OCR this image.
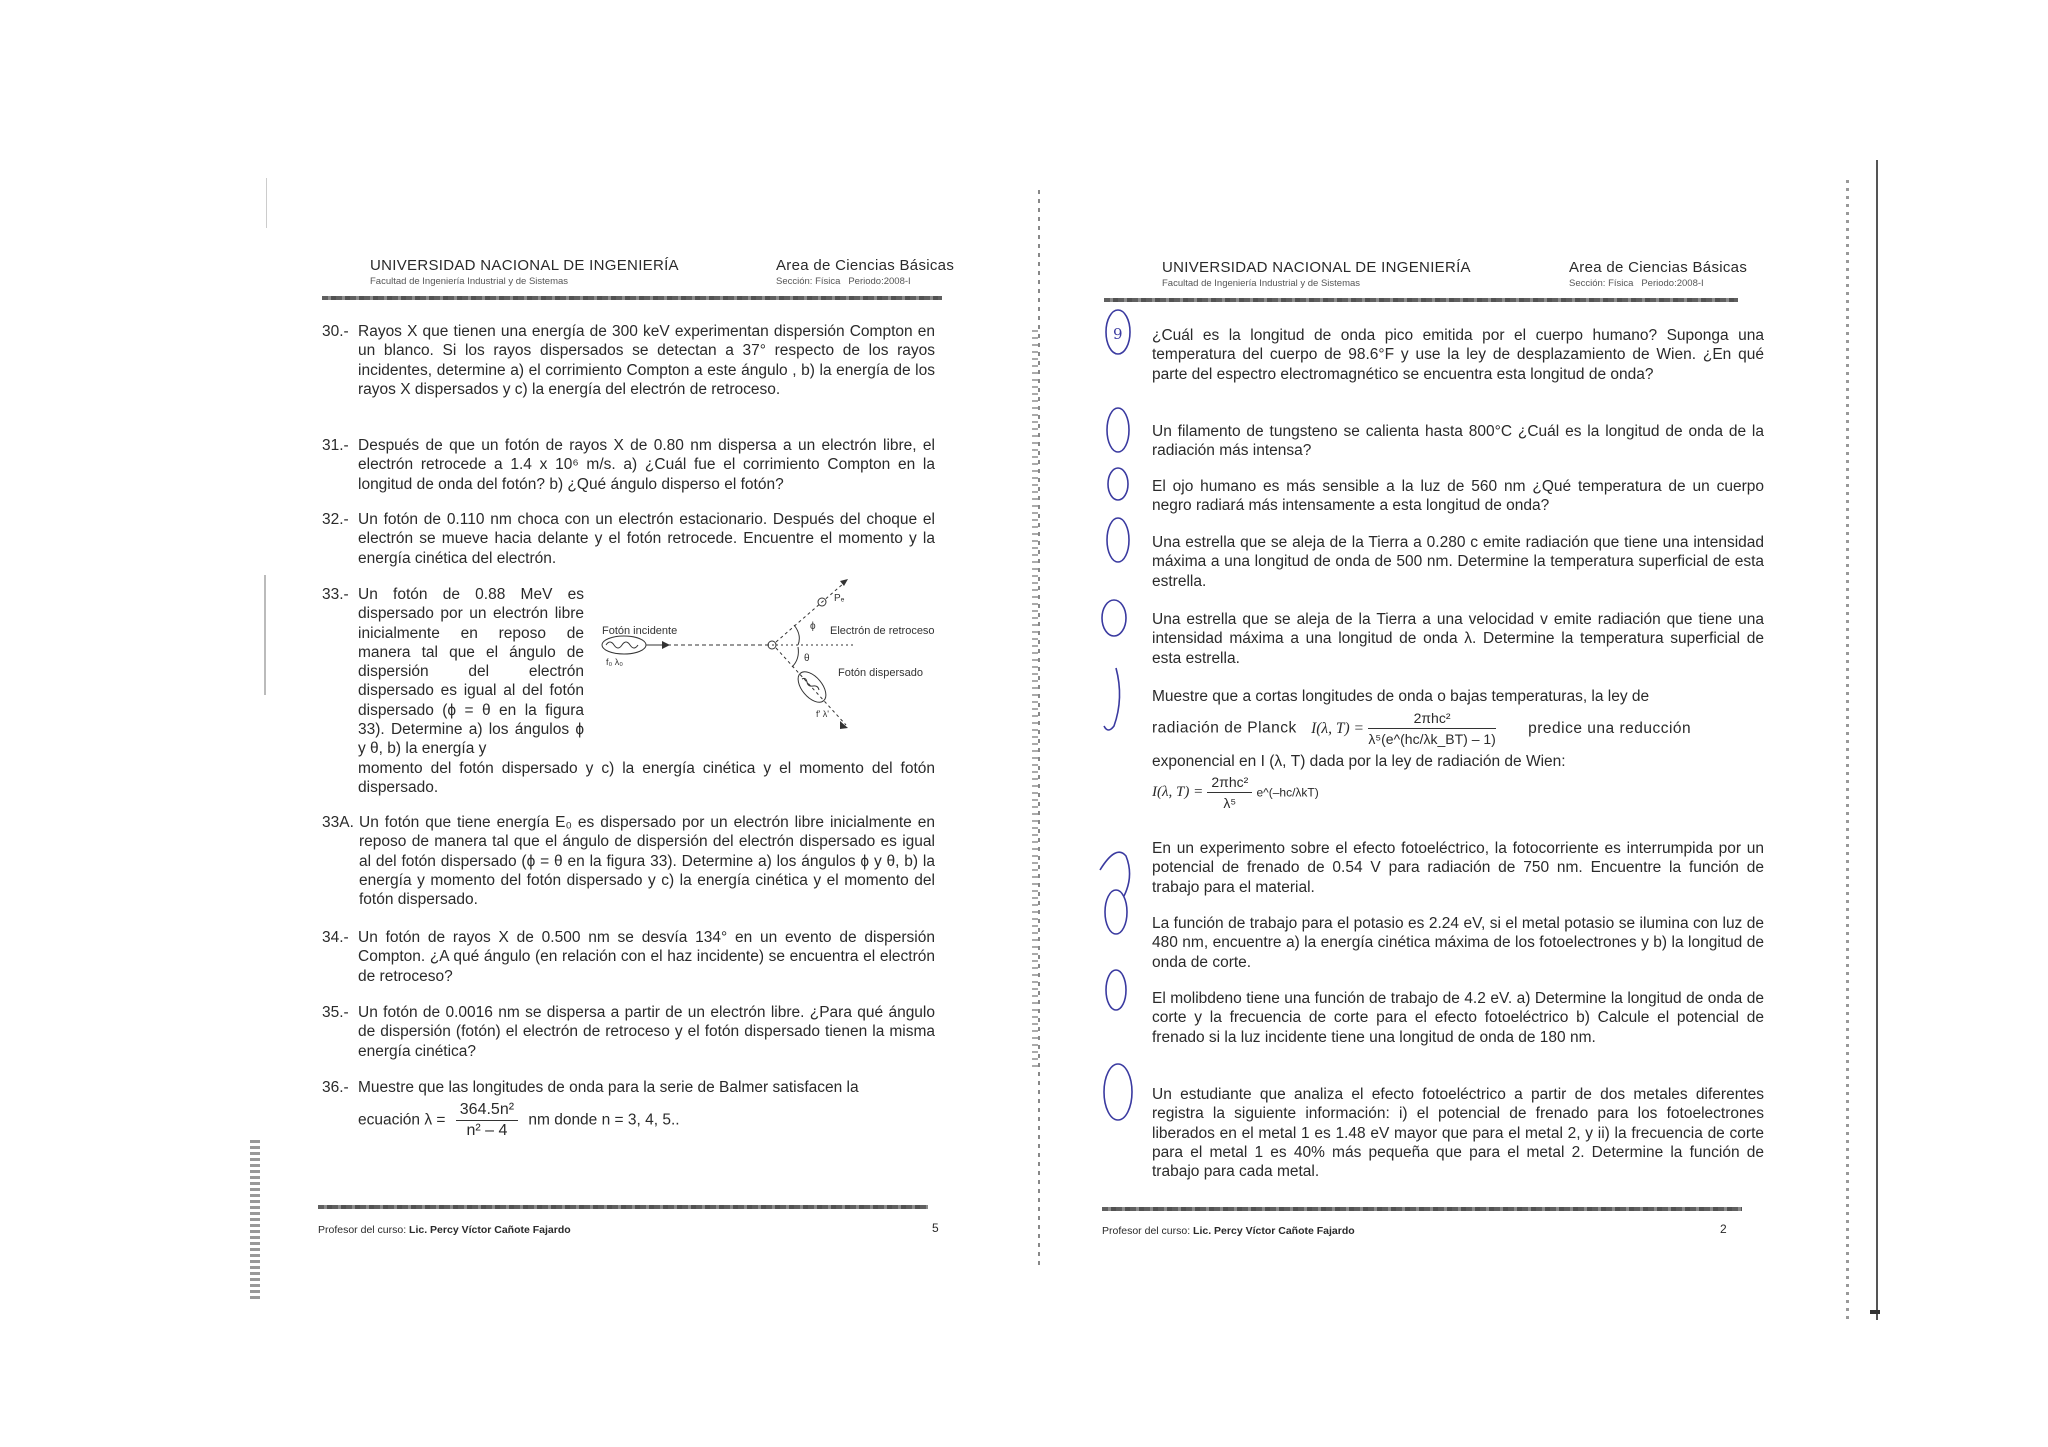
UNIVERSIDAD NACIONAL DE INGENIERÍA
Facultad de Ingeniería Industrial y de Sistemas
Area de Ciencias Básicas
Sección: Física Periodo:2008-I
30.- Rayos X que tienen una energía de 300 keV experimentan dispersión Compton en un blanco. Si los rayos dispersados se detectan a 37° respecto de los rayos incidentes, determine a) el corrimiento Compton a este ángulo , b) la energía de los rayos X dispersados y c) la energía del electrón de retroceso.
31.- Después de que un fotón de rayos X de 0.80 nm dispersa a un electrón libre, el electrón retrocede a 1.4 x 10⁶ m/s. a) ¿Cuál fue el corrimiento Compton en la longitud de onda del fotón? b) ¿Qué ángulo disperso el fotón?
32.- Un fotón de 0.110 nm choca con un electrón estacionario. Después del choque el electrón se mueve hacia delante y el fotón retrocede. Encuentre el momento y la energía cinética del electrón.
33.- Un fotón de 0.88 MeV es dispersado por un electrón libre inicialmente en reposo de manera tal que el ángulo de dispersión del electrón dispersado es igual al del fotón dispersado (ϕ = θ en la figura 33). Determine a) los ángulos ϕ y θ, b) la energía y
momento del fotón dispersado y c) la energía cinética y el momento del fotón dispersado.
Fotón incidente
f₀ λ₀
Pₑ
Electrón de retroceso
ϕ
θ
Fotón dispersado
f' λ'
33A. Un fotón que tiene energía E₀ es dispersado por un electrón libre inicialmente en reposo de manera tal que el ángulo de dispersión del electrón dispersado es igual al del fotón dispersado (ϕ = θ en la figura 33). Determine a) los ángulos ϕ y θ, b) la energía y momento del fotón dispersado y c) la energía cinética y el momento del fotón dispersado.
34.- Un fotón de rayos X de 0.500 nm se desvía 134° en un evento de dispersión Compton. ¿A qué ángulo (en relación con el haz incidente) se encuentra el electrón de retroceso?
35.- Un fotón de 0.0016 nm se dispersa a partir de un electrón libre. ¿Para qué ángulo de dispersión (fotón) el electrón de retroceso y el fotón dispersado tienen la misma energía cinética?
36.- Muestre que las longitudes de onda para la serie de Balmer satisfacen la
ecuación $\lambda = \frac{\text{364.5n²}}{\text{n² – 4}}$ nm donde n = 3, 4, 5..
Profesor del curso: Lic. Percy Víctor Cañote Fajardo	5
UNIVERSIDAD NACIONAL DE INGENIERÍA
Facultad de Ingeniería Industrial y de Sistemas
Area de Ciencias Básicas
Sección: Física Periodo:2008-I
¿Cuál es la longitud de onda pico emitida por el cuerpo humano? Suponga una temperatura del cuerpo de 98.6°F y use la ley de desplazamiento de Wien. ¿En qué parte del espectro electromagnético se encuentra esta longitud de onda?
Un filamento de tungsteno se calienta hasta 800°C ¿Cuál es la longitud de onda de la radiación más intensa?
El ojo humano es más sensible a la luz de 560 nm ¿Qué temperatura de un cuerpo negro radiará más intensamente a esta longitud de onda?
Una estrella que se aleja de la Tierra a 0.280 c emite radiación que tiene una intensidad máxima a una longitud de onda de 500 nm. Determine la temperatura superficial de esta estrella.
Una estrella que se aleja de la Tierra a una velocidad v emite radiación que tiene una intensidad máxima a una longitud de onda λ. Determine la temperatura superficial de esta estrella.
Muestre que a cortas longitudes de onda o bajas temperaturas, la ley de
radiación de Planck I(λ, $T) = \frac{\text{2πhc²}}{\text{λ⁵(e\textasciicircum{}(hc/λk\_BT) – 1)}}$ predice una reducción
exponencial en I (λ, T) dada por la ley de radiación de Wien:
I(λ, $T) = \frac{\text{2πhc²}}{\text{λ⁵}}$ e^(–hc/λkT)
En un experimento sobre el efecto fotoeléctrico, la fotocorriente es interrumpida por un potencial de frenado de 0.54 V para radiación de 750 nm. Encuentre la función de trabajo para el material.
La función de trabajo para el potasio es 2.24 eV, si el metal potasio se ilumina con luz de 480 nm, encuentre a) la energía cinética máxima de los fotoelectrones y b) la longitud de onda de corte.
El molibdeno tiene una función de trabajo de 4.2 eV. a) Determine la longitud de onda de corte y la frecuencia de corte para el efecto fotoeléctrico b) Calcule el potencial de frenado si la luz incidente tiene una longitud de onda de 180 nm.
Un estudiante que analiza el efecto fotoeléctrico a partir de dos metales diferentes registra la siguiente información: i) el potencial de frenado para los fotoelectrones liberados en el metal 1 es 1.48 eV mayor que para el metal 2, y ii) la frecuencia de corte para el metal 1 es 40% más pequeña que para el metal 2. Determine la función de trabajo para cada metal.
9
Profesor del curso: Lic. Percy Víctor Cañote Fajardo	2
